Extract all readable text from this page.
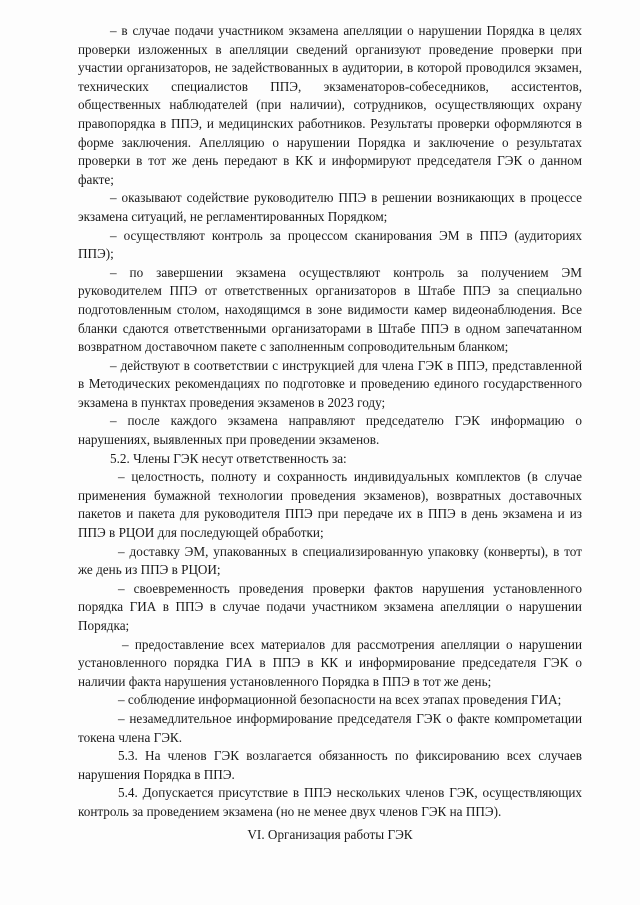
– в случае подачи участником экзамена апелляции о нарушении Порядка в целях проверки изложенных в апелляции сведений организуют проведение проверки при участии организаторов, не задействованных в аудитории, в которой проводился экзамен, технических специалистов ППЭ, экзаменаторов-собеседников, ассистентов, общественных наблюдателей (при наличии), сотрудников, осуществляющих охрану правопорядка в ППЭ, и медицинских работников. Результаты проверки оформляются в форме заключения. Апелляцию о нарушении Порядка и заключение о результатах проверки в тот же день передают в КК и информируют председателя ГЭК о данном факте;

– оказывают содействие руководителю ППЭ в решении возникающих в процессе экзамена ситуаций, не регламентированных Порядком;

– осуществляют контроль за процессом сканирования ЭМ в ППЭ (аудиториях ППЭ);

– по завершении экзамена осуществляют контроль за получением ЭМ руководителем ППЭ от ответственных организаторов в Штабе ППЭ за специально подготовленным столом, находящимся в зоне видимости камер видеонаблюдения. Все бланки сдаются ответственными организаторами в Штабе ППЭ в одном запечатанном возвратном доставочном пакете с заполненным сопроводительным бланком;

– действуют в соответствии с инструкцией для члена ГЭК в ППЭ, представленной в Методических рекомендациях по подготовке и проведению единого государственного экзамена в пунктах проведения экзаменов в 2023 году;

– после каждого экзамена направляют председателю ГЭК информацию о нарушениях, выявленных при проведении экзаменов.

5.2. Члены ГЭК несут ответственность за:

– целостность, полноту и сохранность индивидуальных комплектов (в случае применения бумажной технологии проведения экзаменов), возвратных доставочных пакетов и пакета для руководителя ППЭ при передаче их в ППЭ в день экзамена и из ППЭ в РЦОИ для последующей обработки;

– доставку ЭМ, упакованных в специализированную упаковку (конверты), в тот же день из ППЭ в РЦОИ;

– своевременность проведения проверки фактов нарушения установленного порядка ГИА в ППЭ в случае подачи участником экзамена апелляции о нарушении Порядка;

– предоставление всех материалов для рассмотрения апелляции о нарушении установленного порядка ГИА в ППЭ в КК и информирование председателя ГЭК о наличии факта нарушения установленного Порядка в ППЭ в тот же день;

– соблюдение информационной безопасности на всех этапах проведения ГИА;

– незамедлительное информирование председателя ГЭК о факте компрометации токена члена ГЭК.

5.3. На членов ГЭК возлагается обязанность по фиксированию всех случаев нарушения Порядка в ППЭ.

5.4. Допускается присутствие в ППЭ нескольких членов ГЭК, осуществляющих контроль за проведением экзамена (но не менее двух членов ГЭК на ППЭ).

VI. Организация работы ГЭК
